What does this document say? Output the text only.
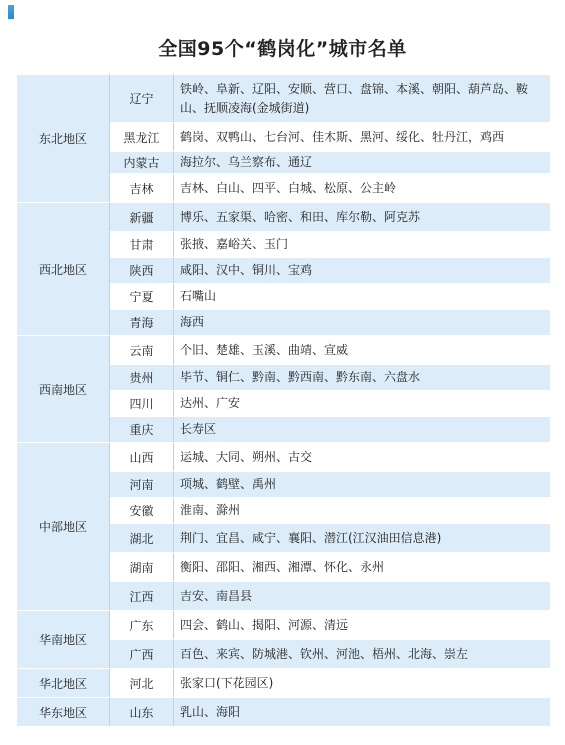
全国95个“鹤岗化”城市名单
东北地区	辽宁	铁岭、阜新、辽阳、安顺、营口、盘锦、本溪、朝阳、葫芦岛、鞍山、抚顺凌海(金城街道)
	黑龙江	鹤岗、双鸭山、七台河、佳木斯、黑河、绥化、牡丹江，鸡西
	内蒙古	海拉尔、乌兰察布、通辽
	吉林	吉林、白山、四平、白城、松原、公主岭
西北地区	新疆	博乐、五家渠、哈密、和田、库尔勒、阿克苏
	甘肃	张掖、嘉峪关、玉门
	陕西	咸阳、汉中、铜川、宝鸡
	宁夏	石嘴山
	青海	海西
西南地区	云南	个旧、楚雄、玉溪、曲靖、宣威
	贵州	毕节、铜仁、黔南、黔西南、黔东南、六盘水
	四川	达州、广安
	重庆	长寿区
中部地区	山西	运城、大同、朔州、古交
	河南	项城、鹤壁、禹州
	安徽	淮南、滁州
	湖北	荆门、宜昌、咸宁、襄阳、潜江(江汉油田信息港)
	湖南	衡阳、邵阳、湘西、湘潭、怀化、永州
	江西	吉安、南昌县
华南地区	广东	四会、鹤山、揭阳、河源、清远
	广西	百色、来宾、防城港、钦州、河池、梧州、北海、崇左
华北地区	河北	张家口(下花园区)
华东地区	山东	乳山、海阳
